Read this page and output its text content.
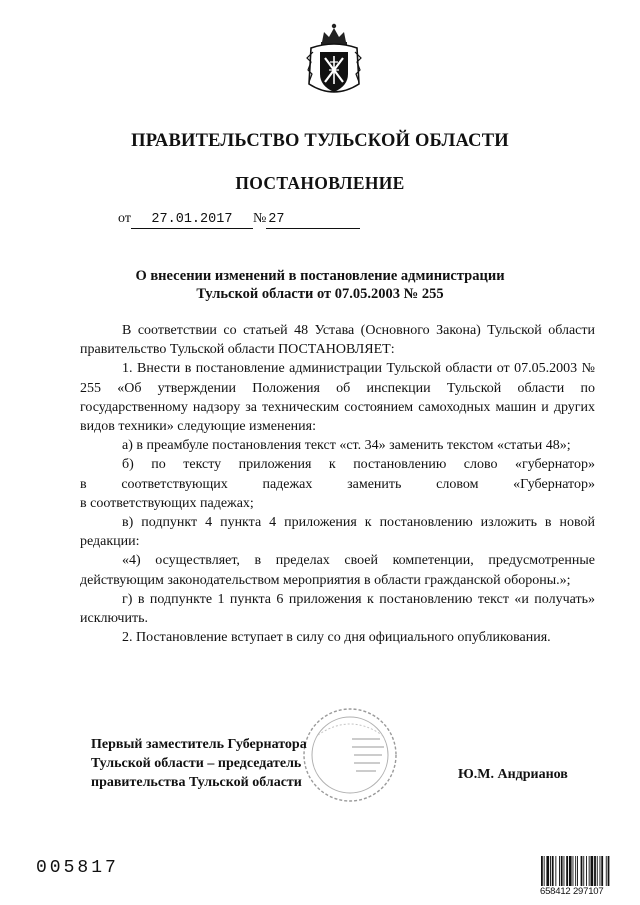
ПРАВИТЕЛЬСТВО ТУЛЬСКОЙ ОБЛАСТИ
ПОСТАНОВЛЕНИЕ
от 27.01.2017 № 27
О внесении изменений в постановление администрации
Тульской области от 07.05.2003 № 255

В соответствии со статьей 48 Устава (Основного Закона) Тульской области правительство Тульской области ПОСТАНОВЛЯЕТ:

1. Внести в постановление администрации Тульской области от 07.05.2003 № 255 «Об утверждении Положения об инспекции Тульской области по государственному надзору за техническим состоянием самоходных машин и других видов техники» следующие изменения:

а) в преамбуле постановления текст «ст. 34» заменить текстом «статьи 48»;

б) по тексту приложения к постановлению слово «губернатор»

в соответствующих падежах заменить словом «Губернатор»

в соответствующих падежах;

в) подпункт 4 пункта 4 приложения к постановлению изложить в новой редакции:

«4) осуществляет, в пределах своей компетенции, предусмотренные действующим законодательством мероприятия в области гражданской обороны.»;

г) в подпункте 1 пункта 6 приложения к постановлению текст «и получать» исключить.

2. Постановление вступает в силу со дня официального опубликования.

Первый заместитель Губернатора
Тульской области – председатель
правительства Тульской области
Ю.М. Андрианов
005817
658412 297107
